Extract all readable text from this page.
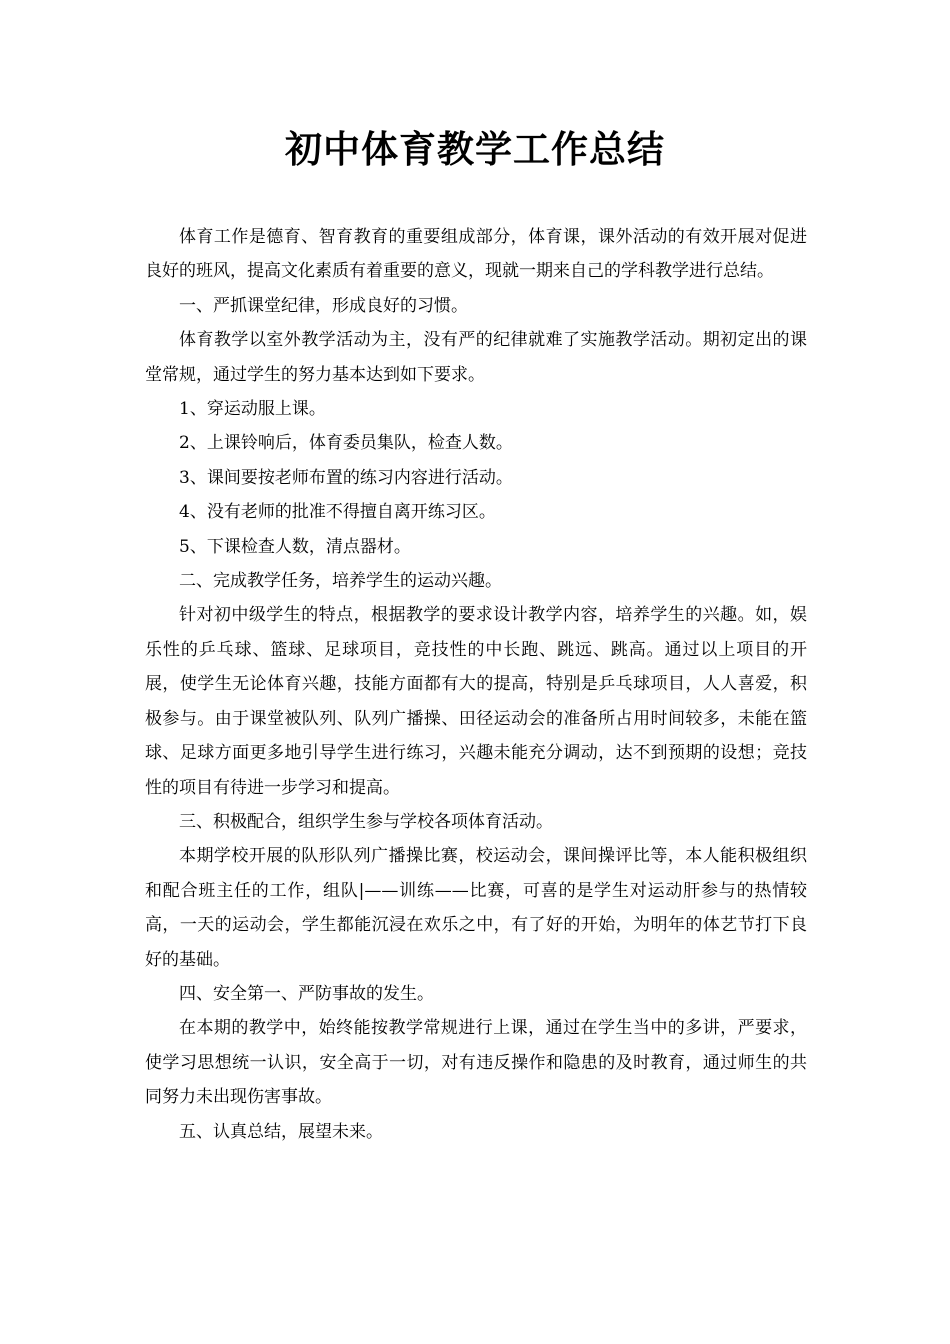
初中体育教学工作总结

体育工作是德育、智育教育的重要组成部分，体育课，课外活动的有效开展对促进良好的班风，提高文化素质有着重要的意义，现就一期来自己的学科教学进行总结。

一、严抓课堂纪律，形成良好的习惯。

体育教学以室外教学活动为主，没有严的纪律就难了实施教学活动。期初定出的课堂常规，通过学生的努力基本达到如下要求。

1、穿运动服上课。

2、上课铃响后，体育委员集队，检查人数。

3、课间要按老师布置的练习内容进行活动。

4、没有老师的批准不得擅自离开练习区。

5、下课检查人数，清点器材。

二、完成教学任务，培养学生的运动兴趣。

针对初中级学生的特点，根据教学的要求设计教学内容，培养学生的兴趣。如，娱乐性的乒乓球、篮球、足球项目，竞技性的中长跑、跳远、跳高。通过以上项目的开展，使学生无论体育兴趣，技能方面都有大的提高，特别是乒乓球项目，人人喜爱，积极参与。由于课堂被队列、队列广播操、田径运动会的准备所占用时间较多，未能在篮球、足球方面更多地引导学生进行练习，兴趣未能充分调动，达不到预期的设想；竞技性的项目有待进一步学习和提高。

三、积极配合，组织学生参与学校各项体育活动。

本期学校开展的队形队列广播操比赛，校运动会，课间操评比等，本人能积极组织和配合班主任的工作，组队|——训练——比赛，可喜的是学生对运动肝参与的热情较高，一天的运动会，学生都能沉浸在欢乐之中，有了好的开始，为明年的体艺节打下良好的基础。

四、安全第一、严防事故的发生。

在本期的教学中，始终能按教学常规进行上课，通过在学生当中的多讲，严要求，使学习思想统一认识，安全高于一切，对有违反操作和隐患的及时教育，通过师生的共同努力未出现伤害事故。

五、认真总结，展望未来。
